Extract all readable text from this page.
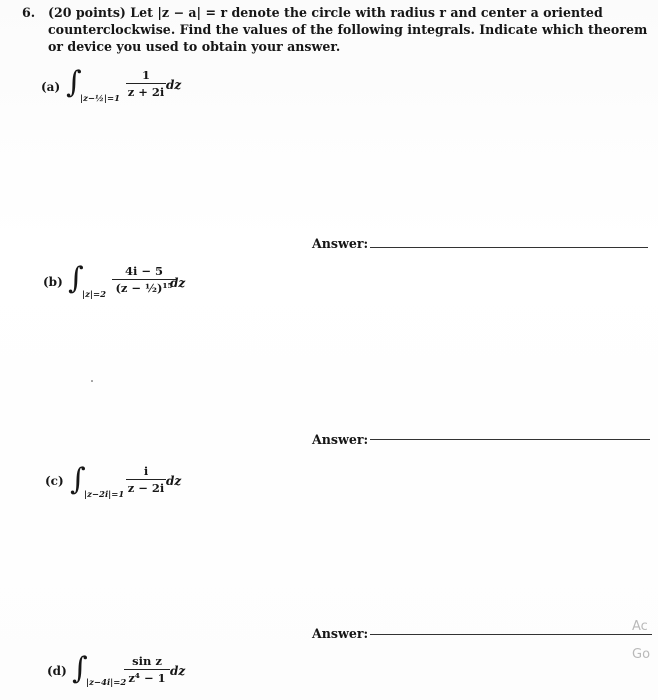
6. (20 points) Let |z − a| = r denote the circle with radius r and center a oriented counterclockwise. Find the values of the following integrals. Indicate which theorem or device you used to obtain your answer.
(a) ∫
|z−½|=1
1
z + 2i dz
Answer:
(b) ∫
|z|=2
4i − 5
(z − ½)¹⁵
dz
Answer:
(c) ∫
|z−2i|=1
i
z − 2i dz
Answer:	Ac
Go
(d) ∫
|z−4i|=2
sin z
z⁴ − 1 dz
